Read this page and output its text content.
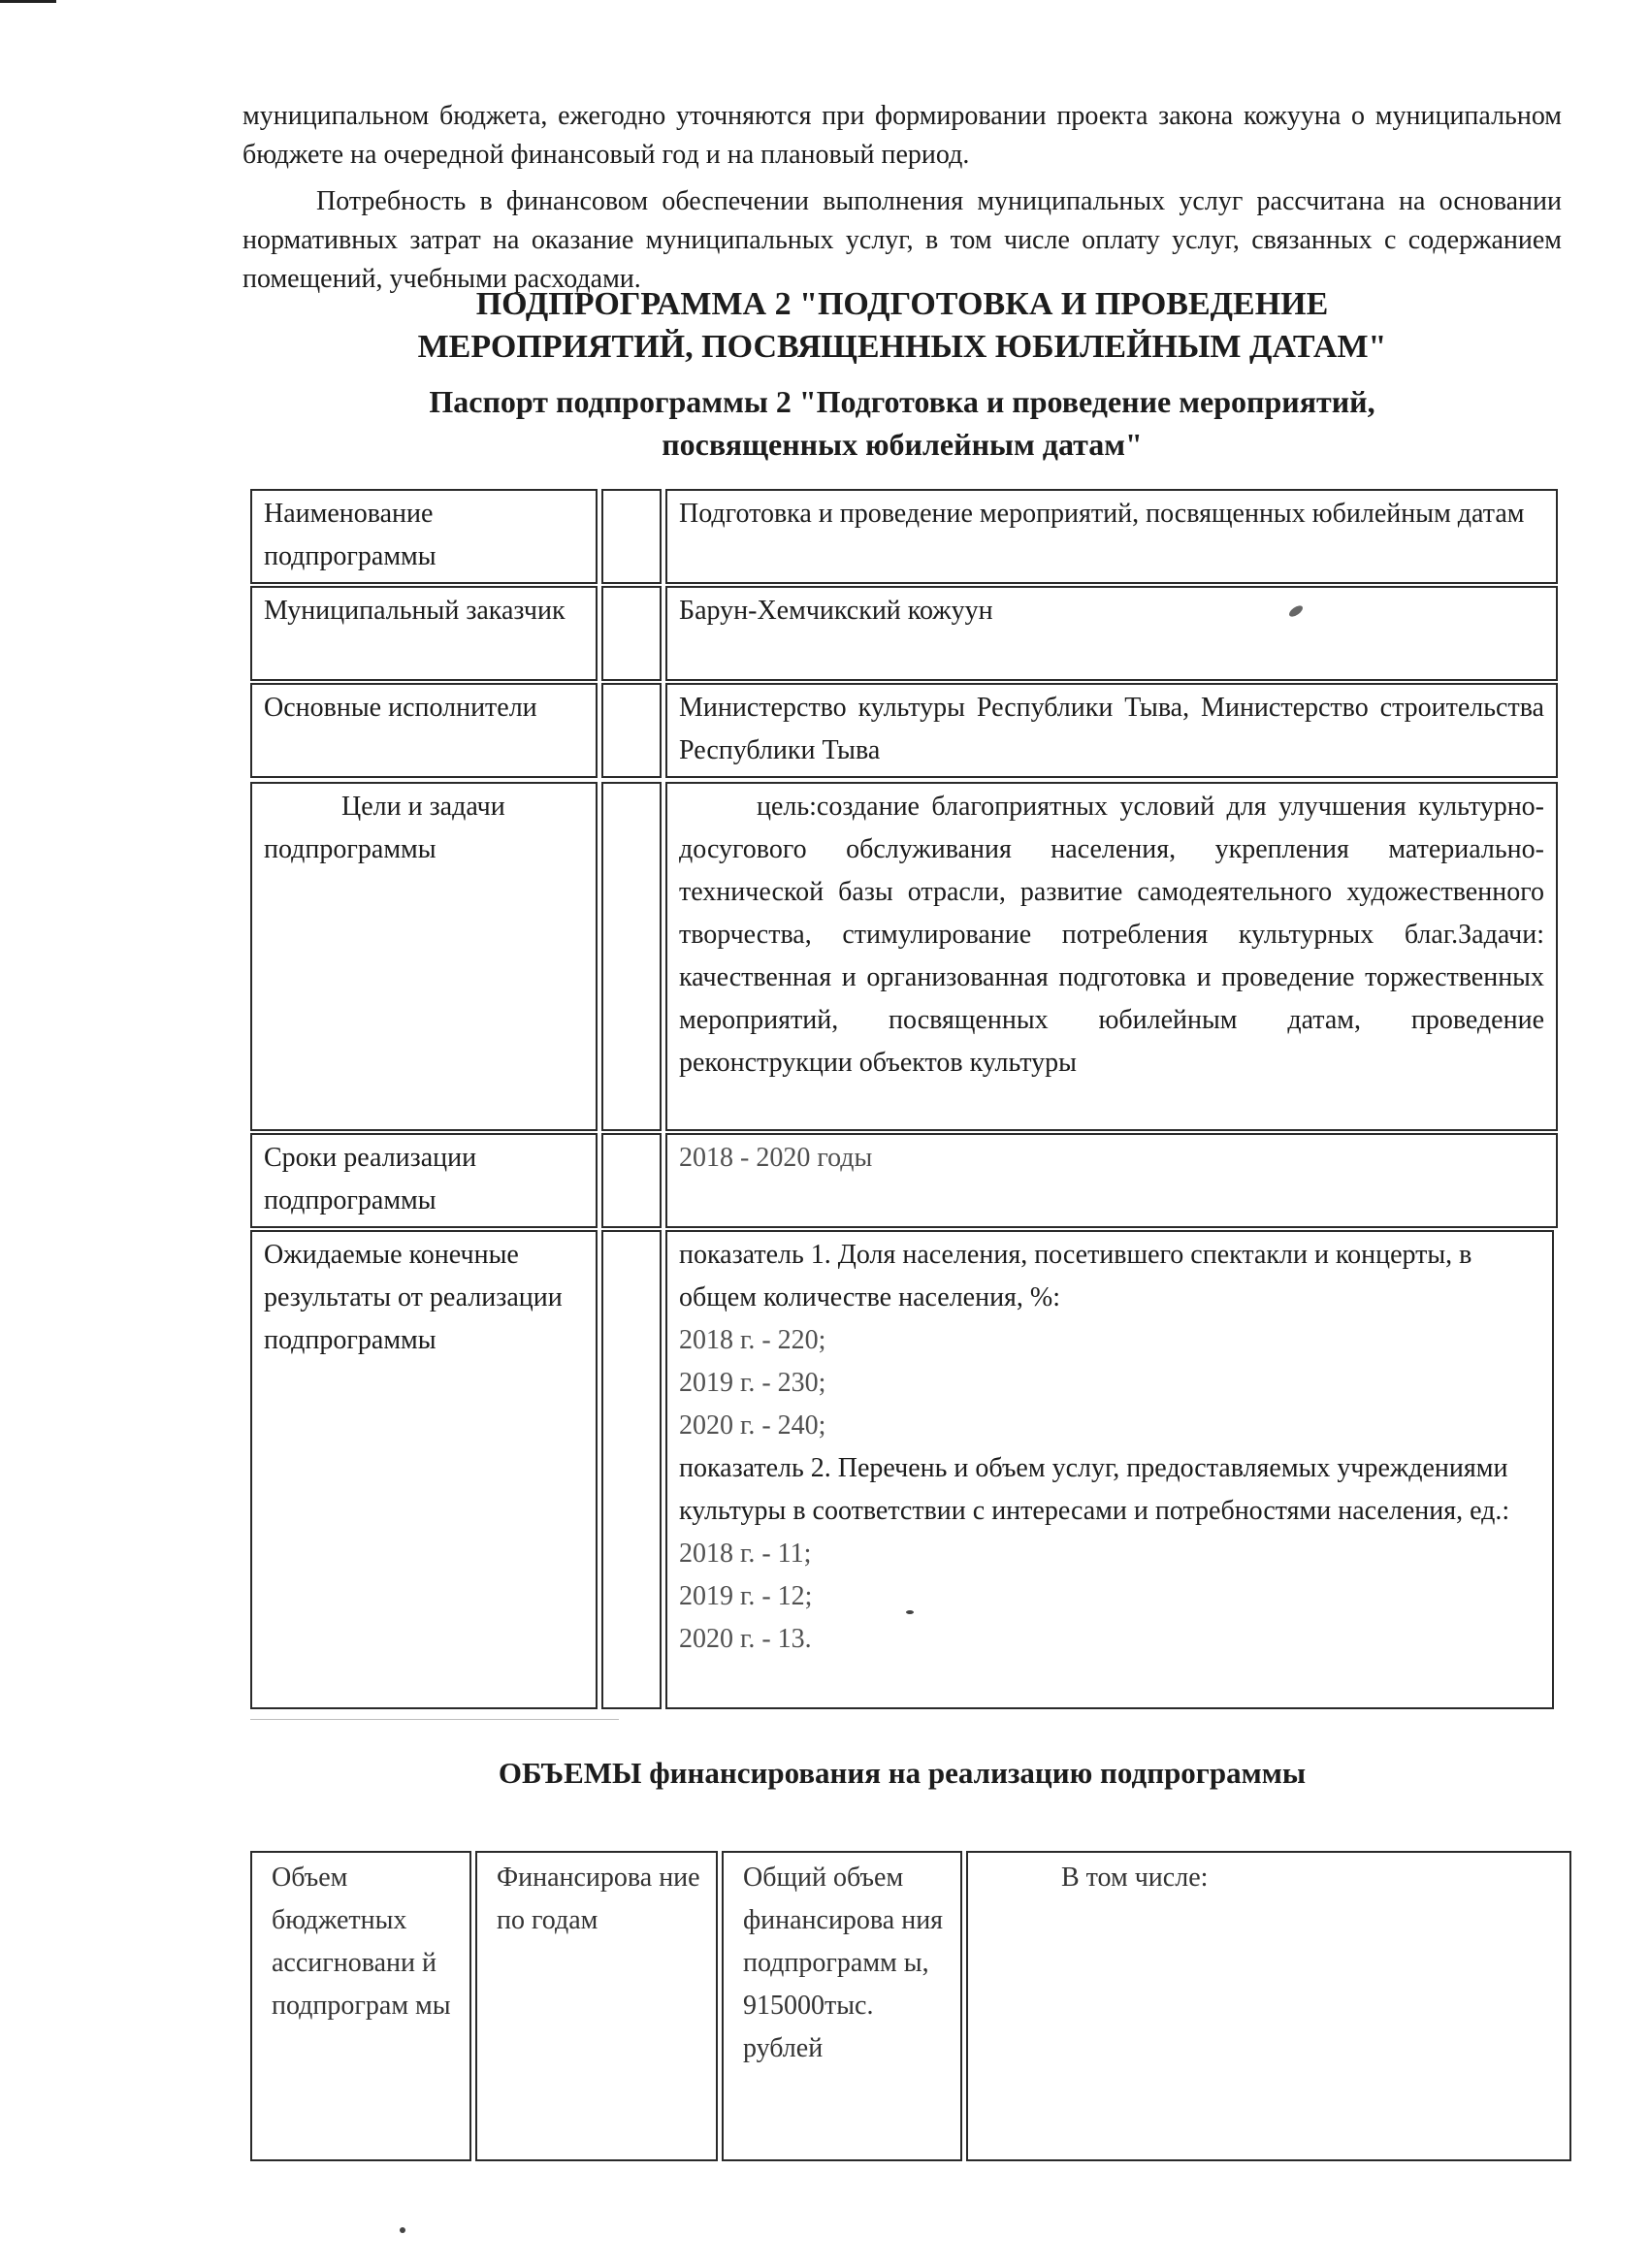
муниципальном бюджета, ежегодно уточняются при формировании проекта закона кожууна о муниципальном бюджете на очередной финансовый год и на плановый период.

Потребность в финансовом обеспечении выполнения муниципальных услуг рассчитана на основании нормативных затрат на оказание муниципальных услуг, в том числе оплату услуг, связанных с содержанием помещений, учебными расходами.

ПОДПРОГРАММА 2 "ПОДГОТОВКА И ПРОВЕДЕНИЕ
МЕРОПРИЯТИЙ, ПОСВЯЩЕННЫХ ЮБИЛЕЙНЫМ ДАТАМ"
Паспорт подпрограммы 2 "Подготовка и проведение мероприятий,
посвященных юбилейным датам"
Наименование подпрограммы
Подготовка и проведение мероприятий, посвященных юбилейным датам
Муниципальный заказчик	Барун-Хемчикский кожуун
Основные исполнители	Министерство культуры Республики Тыва, Министерство строительства Республики Тыва
Цели и задачи подпрограммы
цель:создание благоприятных условий для улучшения культурно-досугового обслуживания населения, укрепления материально-технической базы отрасли, развитие самодеятельного художественного творчества, стимулирование потребления культурных благ.Задачи: качественная и организованная подготовка и проведение торжественных мероприятий, посвященных юбилейным датам, проведение реконструкции объектов культуры
Сроки реализации подпрограммы
2018 - 2020 годы
Ожидаемые конечные результаты от реализации подпрограммы
показатель 1. Доля населения, посетившего спектакли и концерты, в общем количестве населения, %:
2018 г. - 220;
2019 г. - 230;
2020 г. - 240;
показатель 2. Перечень и объем услуг, предоставляемых учреждениями культуры в соответствии с интересами и потребностями населения, ед.:
2018 г. - 11;
2019 г. - 12;
2020 г. - 13.
ОБЪЕМЫ финансирования на реализацию подпрограммы
Объем бюджетных ассигновани й подпрограм мы
Финансирова ние по годам
Общий объем финансирова ния подпрограмм ы, 915000тыс. рублей
В том числе:
